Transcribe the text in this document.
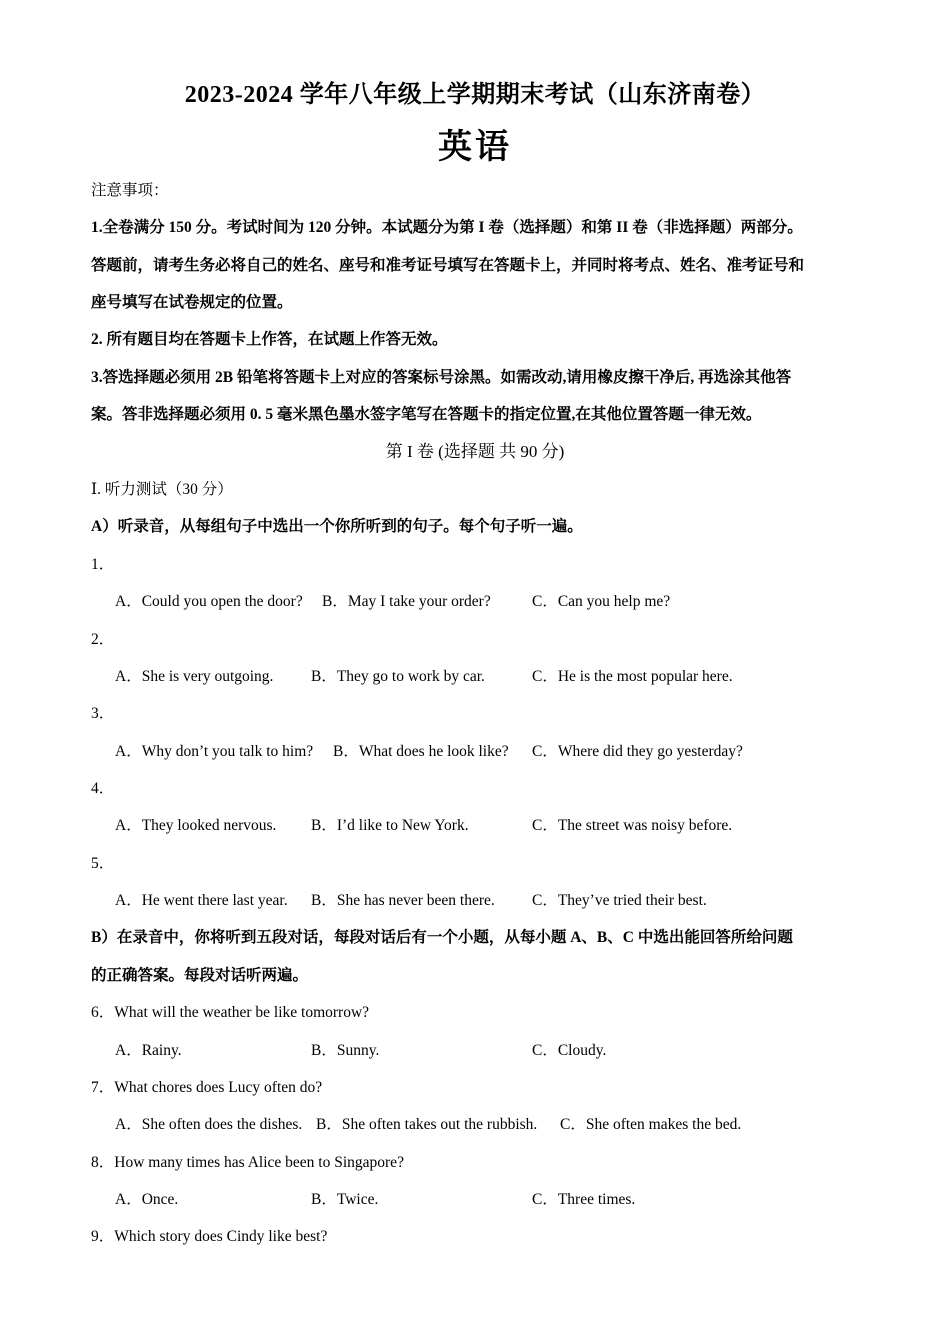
2023-2024 学年八年级上学期期末考试（山东济南卷）
英语
注意事项：
1.全卷满分 150 分。考试时间为 120 分钟。本试题分为第 I 卷（选择题）和第 II 卷（非选择题）两部分。
答题前，请考生务必将自己的姓名、座号和准考证号填写在答题卡上，并同时将考点、姓名、准考证号和
座号填写在试卷规定的位置。
2. 所有题目均在答题卡上作答，在试题上作答无效。
3.答选择题必须用 2B 铅笔将答题卡上对应的答案标号涂黑。如需改动,请用橡皮擦干净后, 再选涂其他答
案。答非选择题必须用 0. 5 毫米黑色墨水签字笔写在答题卡的指定位置,在其他位置答题一律无效。
第 I 卷 (选择题 共 90 分)
Ⅰ. 听力测试（30 分）
A）听录音，从每组句子中选出一个你所听到的句子。每个句子听一遍。
1．
A．Could you open the door? B．May I take your order?	C．Can you help me?
2．
A．She is very outgoing. B．They go to work by car.	C．He is the most popular here.
3．
A．Why don’t you talk to him? B．What does he look like? C．Where did they go yesterday?
4．
A．They looked nervous. B．I’d like to New York.	C．The street was noisy before.
5．
A．He went there last year. B．She has never been there. C．They’ve tried their best.
B）在录音中，你将听到五段对话，每段对话后有一个小题，从每小题 A、B、C 中选出能回答所给问题
的正确答案。每段对话听两遍。
6．What will the weather be like tomorrow?
A．Rainy.	B．Sunny.	C．Cloudy.
7．What chores does Lucy often do?
A．She often does the dishes. B．She often takes out the rubbish. C．She often makes the bed.
8．How many times has Alice been to Singapore?
A．Once.	B．Twice.	C．Three times.
9．Which story does Cindy like best?
